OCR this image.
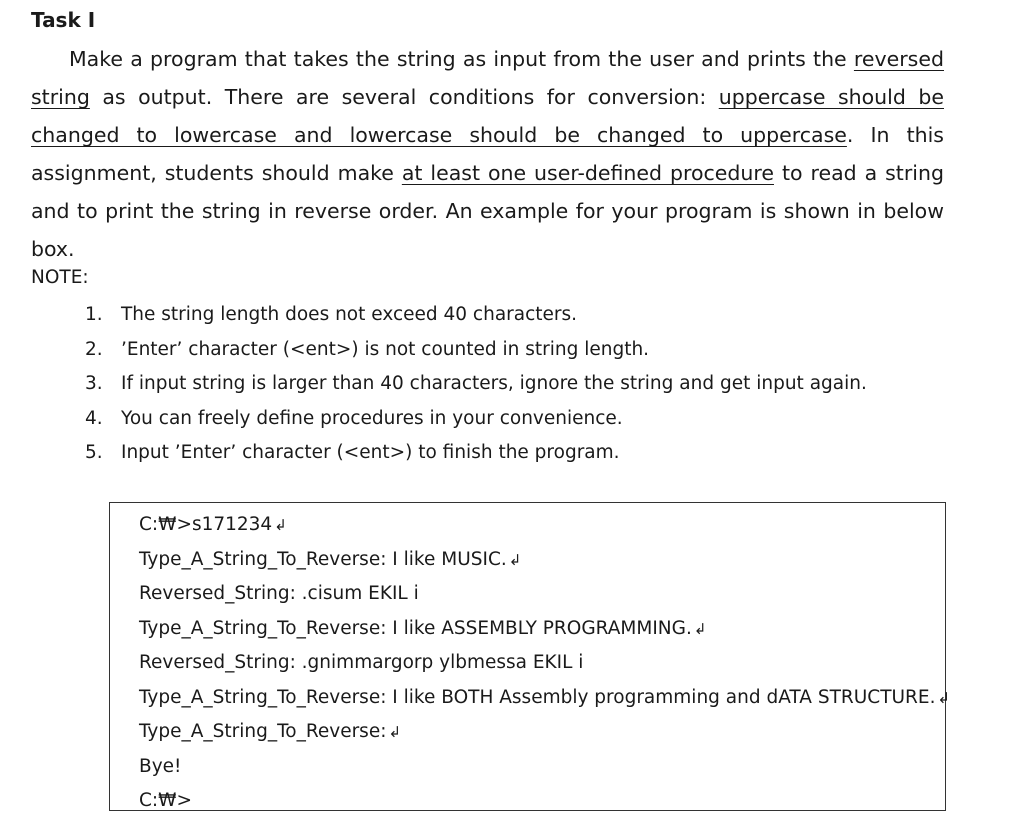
Task I

Make a program that takes the string as input from the user and prints the reversed string as output. There are several conditions for conversion: uppercase should be changed to lowercase and lowercase should be changed to uppercase. In this assignment, students should make at least one user-defined procedure to read a string and to print the string in reverse order. An example for your program is shown in below box.

NOTE:
1. The string length does not exceed 40 characters.
2. ’Enter’ character (<ent>) is not counted in string length.
3. If input string is larger than 40 characters, ignore the string and get input again.
4. You can freely define procedures in your convenience.
5. Input ’Enter’ character (<ent>) to finish the program.
C:₩>s171234 ↲
Type_A_String_To_Reverse: I like MUSIC. ↲
Reversed_String: .cisum EKIL i
Type_A_String_To_Reverse: I like ASSEMBLY PROGRAMMING. ↲
Reversed_String: .gnimmargorp ylbmessa EKIL i
Type_A_String_To_Reverse: I like BOTH Assembly programming and dATA STRUCTURE. ↲
Type_A_String_To_Reverse: ↲
Bye!
C:₩>
